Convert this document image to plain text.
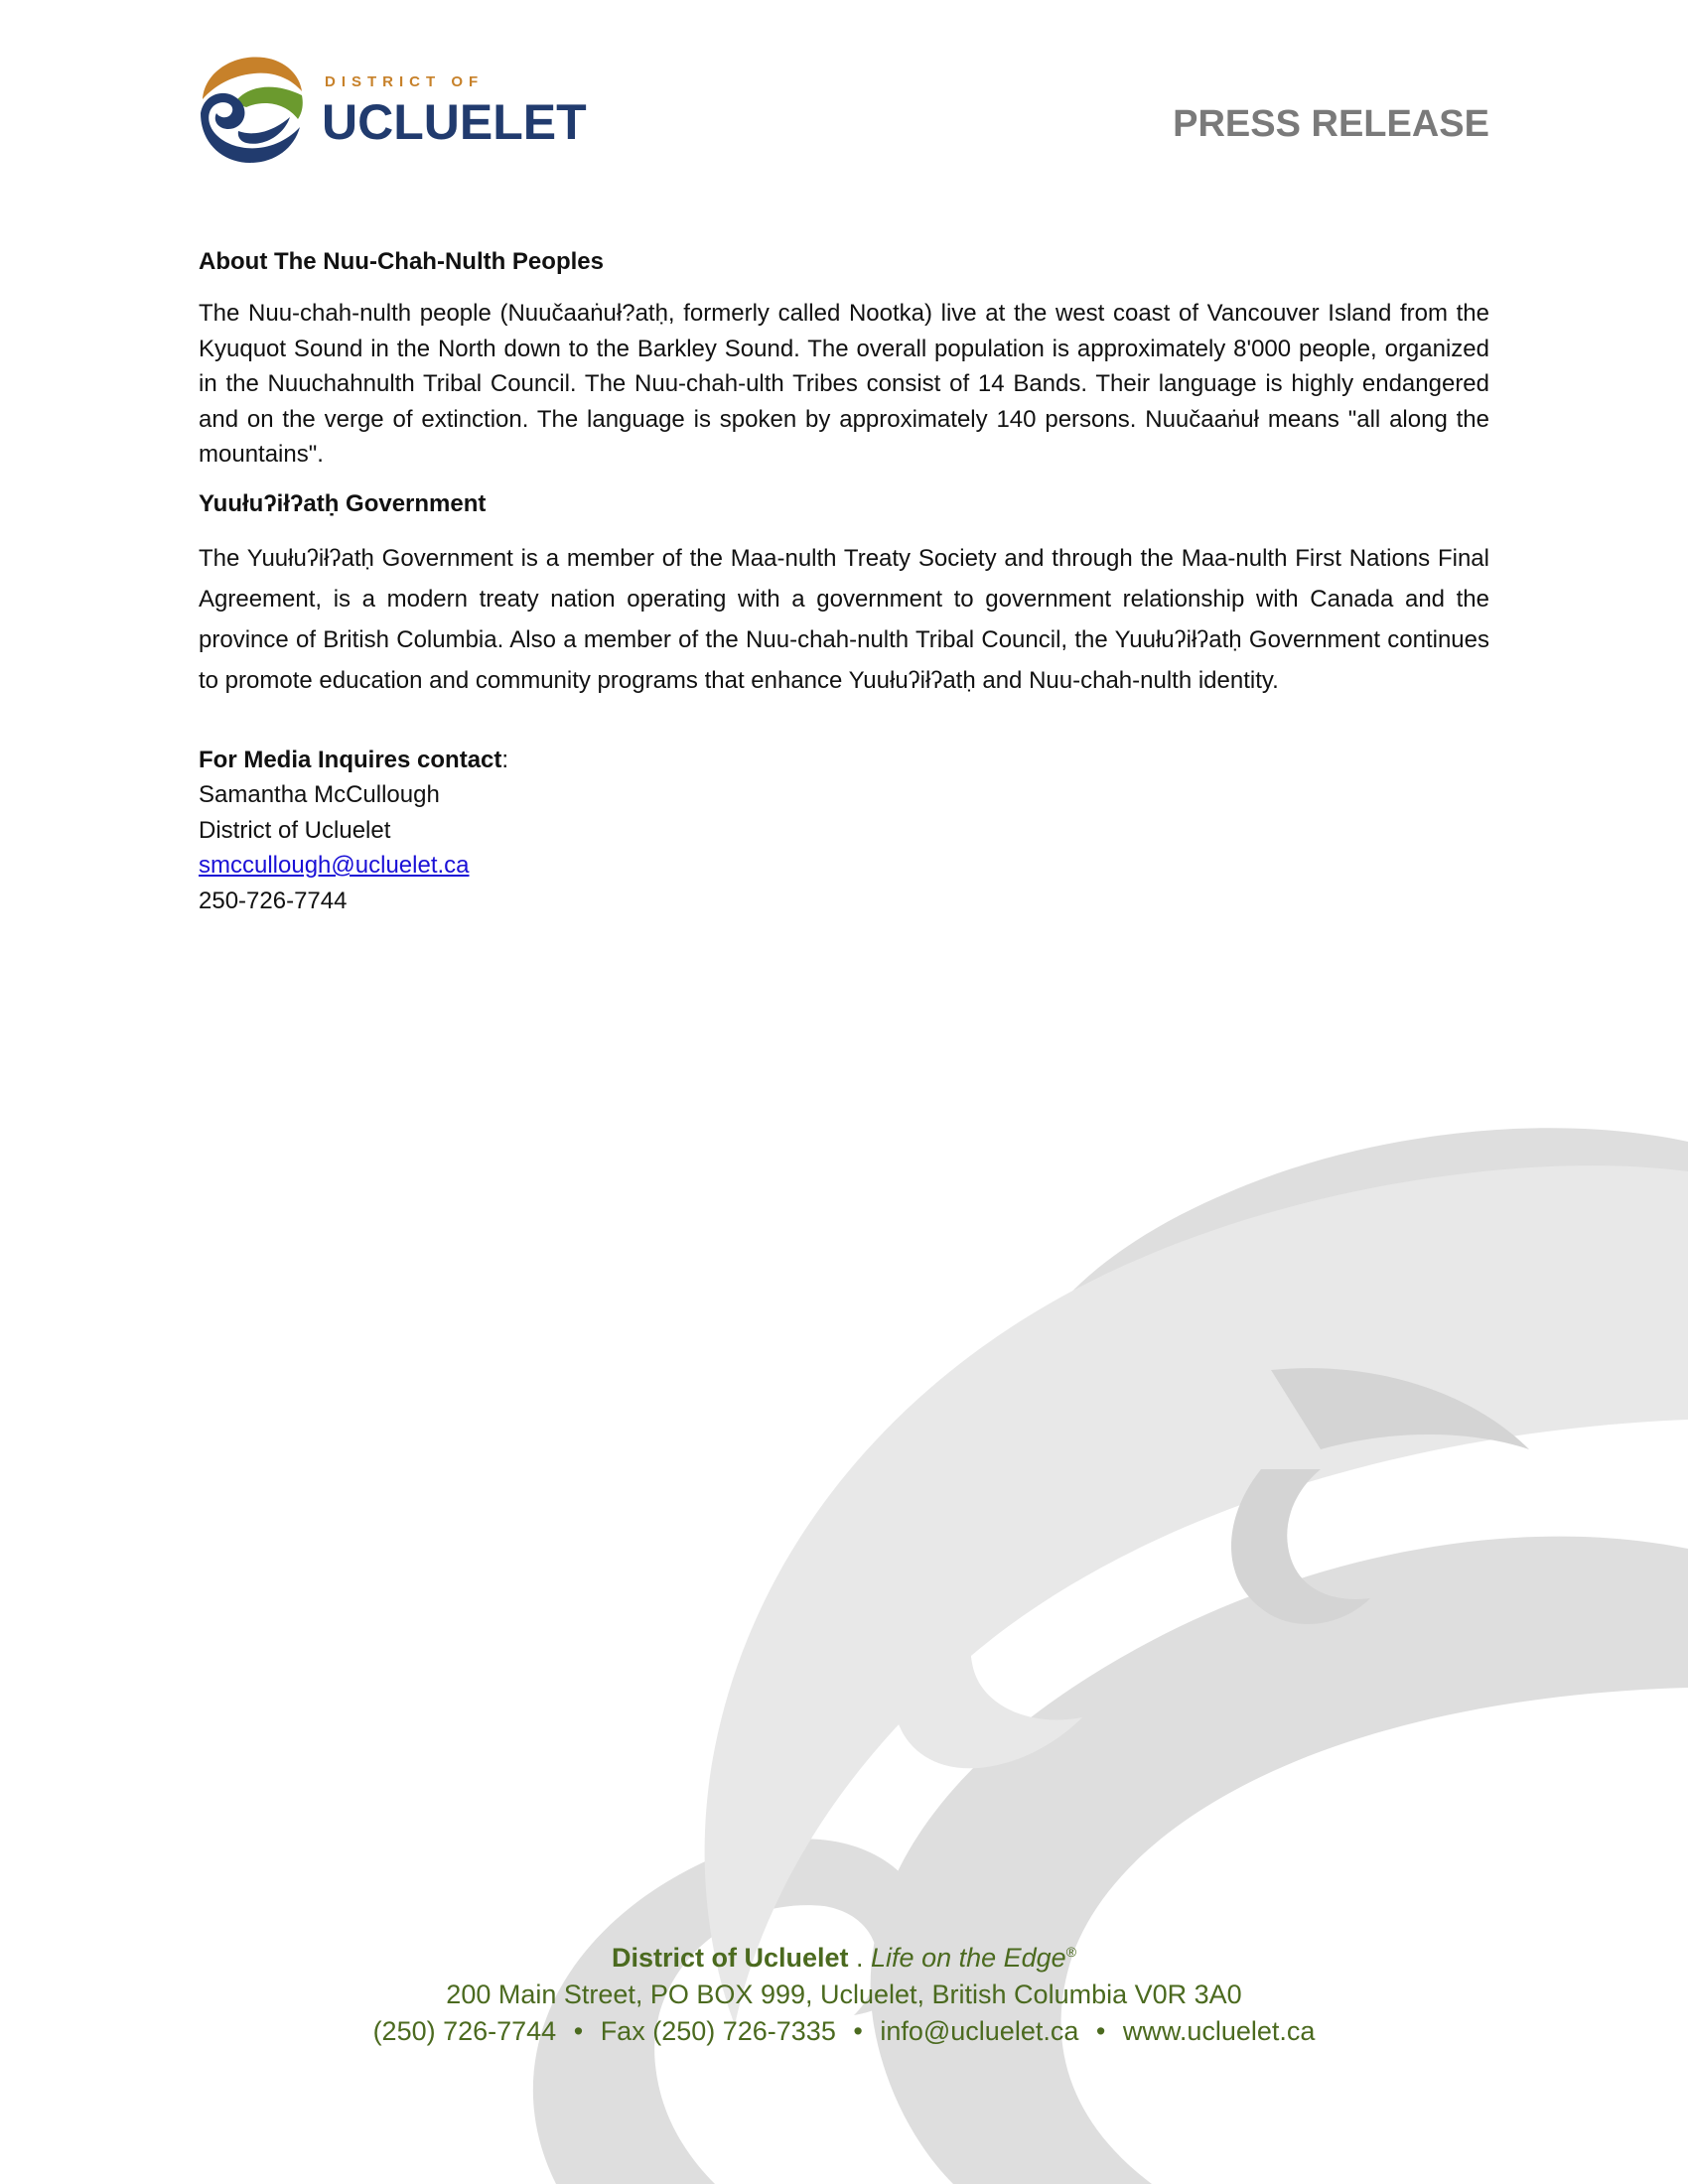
DISTRICT OF
UCLUELET	PRESS RELEASE

About The Nuu-Chah-Nulth Peoples

The Nuu-chah-nulth people (Nuučaaṅuł?atḥ, formerly called Nootka) live at the west coast of Vancouver Island from the Kyuquot Sound in the North down to the Barkley Sound. The overall population is approximately 8'000 people, organized in the Nuuchahnulth Tribal Council. The Nuu-chah-ulth Tribes consist of 14 Bands. Their language is highly endangered and on the verge of extinction. The language is spoken by approximately 140 persons. Nuučaaṅuł means "all along the mountains".

Yuułuʔiłʔatḥ Government

The Yuułuʔiłʔatḥ Government is a member of the Maa-nulth Treaty Society and through the Maa-nulth First Nations Final Agreement, is a modern treaty nation operating with a government to government relationship with Canada and the province of British Columbia. Also a member of the Nuu-chah-nulth Tribal Council, the Yuułuʔiłʔatḥ Government continues to promote education and community programs that enhance Yuułuʔiłʔatḥ and Nuu-chah-nulth identity.

For Media Inquires contact:
Samantha McCullough
District of Ucluelet
smccullough@ucluelet.ca
250-726-7744
District of Ucluelet . Life on the Edge®
200 Main Street, PO BOX 999, Ucluelet, British Columbia V0R 3A0
(250) 726-7744 • Fax (250) 726-7335 • info@ucluelet.ca • www.ucluelet.ca
